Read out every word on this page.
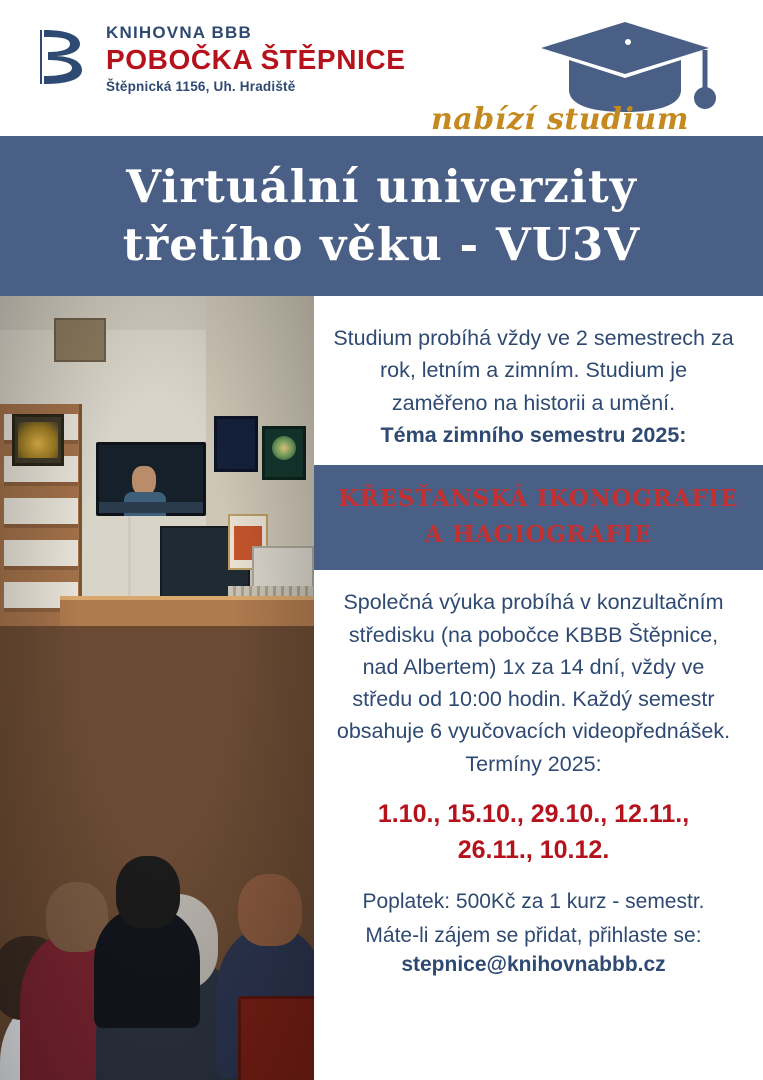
KNIHOVNA BBB
POBOČKA ŠTĚPNICE
Štěpnická 1156, Uh. Hradiště
nabízí studium
Virtuální univerzity
třetího věku - VU3V
Studium probíhá vždy ve 2 semestrech za rok, letním a zimním. Studium je zaměřeno na historii a umění.
Téma zimního semestru 2025:
KŘESŤANSKÁ IKONOGRAFIE
A HAGIOGRAFIE
Společná výuka probíhá v konzultačním středisku (na pobočce KBBB Štěpnice, nad Albertem) 1x za 14 dní, vždy ve středu od 10:00 hodin. Každý semestr obsahuje 6 vyučovacích videopřednášek. Termíny 2025:
1.10., 15.10., 29.10., 12.11.,
26.11., 10.12.
Poplatek: 500Kč za 1 kurz - semestr.
Máte-li zájem se přidat, přihlaste se:
stepnice@knihovnabbb.cz
